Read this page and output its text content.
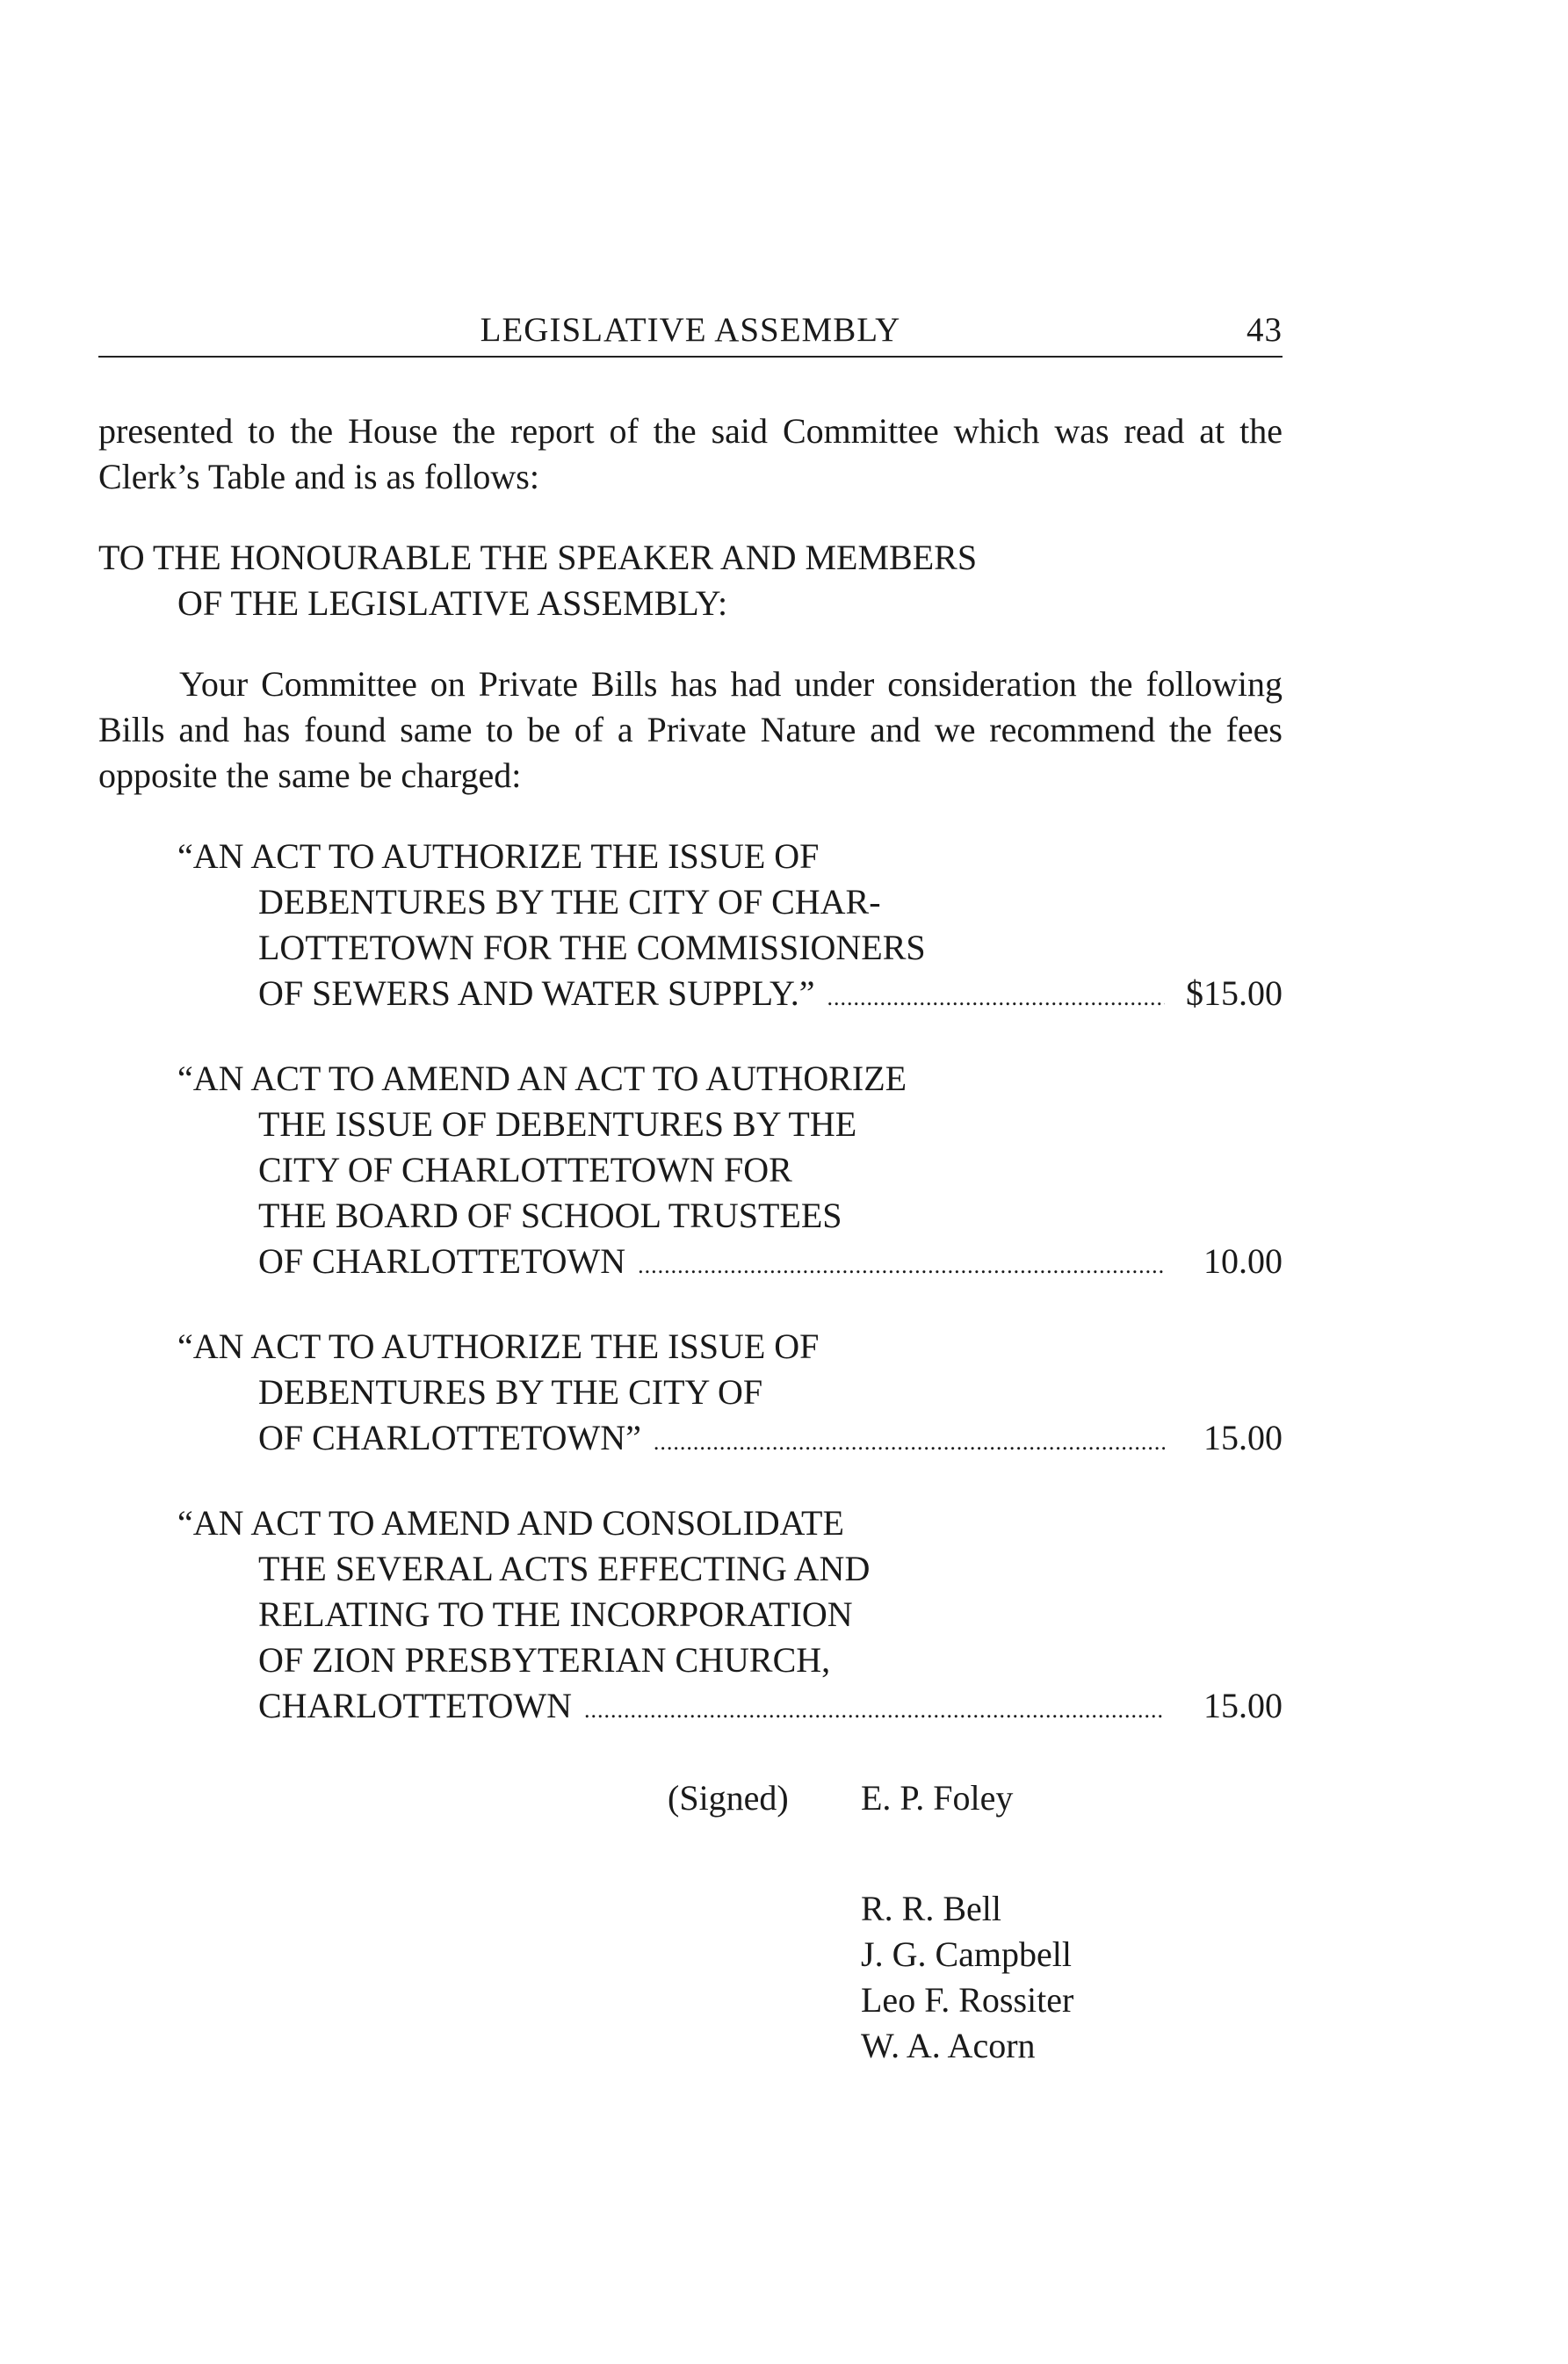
LEGISLATIVE ASSEMBLY	43
presented to the House the report of the said Committee which was read at the Clerk’s Table and is as follows:
TO THE HONOURABLE THE SPEAKER AND MEMBERS
OF THE LEGISLATIVE ASSEMBLY:
Your Committee on Private Bills has had under consideration the following Bills and has found same to be of a Private Nature and we recommend the fees opposite the same be charged:
“AN ACT TO AUTHORIZE THE ISSUE OF
DEBENTURES BY THE CITY OF CHAR-
LOTTETOWN FOR THE COMMISSIONERS
OF SEWERS AND WATER SUPPLY.” .....	$15.00
“AN ACT TO AMEND AN ACT TO AUTHORIZE
THE ISSUE OF DEBENTURES BY THE
CITY OF CHARLOTTETOWN FOR
THE BOARD OF SCHOOL TRUSTEES
OF CHARLOTTETOWN .....	10.00
“AN ACT TO AUTHORIZE THE ISSUE OF
DEBENTURES BY THE CITY OF
OF CHARLOTTETOWN” .....	15.00
“AN ACT TO AMEND AND CONSOLIDATE
THE SEVERAL ACTS EFFECTING AND
RELATING TO THE INCORPORATION
OF ZION PRESBYTERIAN CHURCH,
CHARLOTTETOWN .....	15.00
(Signed) E. P. Foley
R. R. Bell
J. G. Campbell
Leo F. Rossiter
W. A. Acorn
